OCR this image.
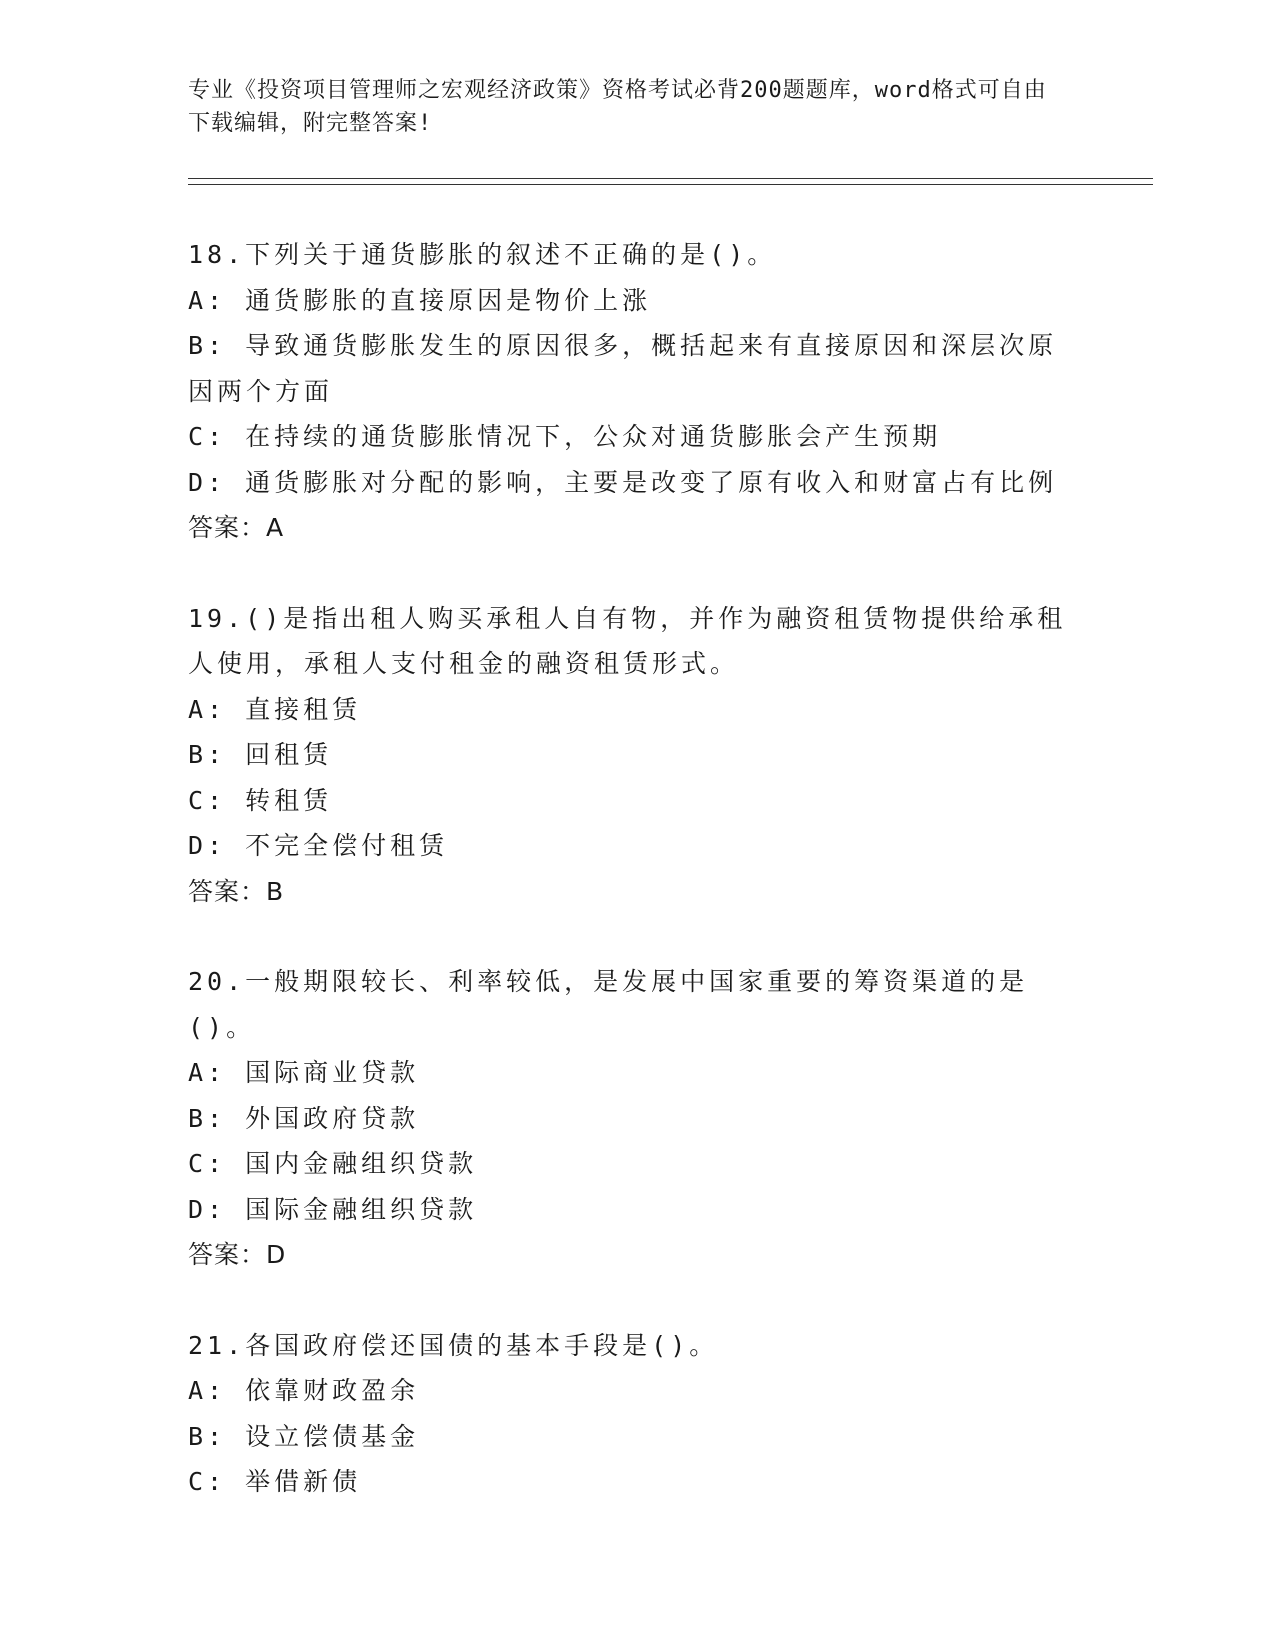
专业《投资项目管理师之宏观经济政策》资格考试必背200题题库，word格式可自由下载编辑，附完整答案!
18.下列关于通货膨胀的叙述不正确的是()。
A: 通货膨胀的直接原因是物价上涨
B: 导致通货膨胀发生的原因很多，概括起来有直接原因和深层次原因两个方面
C: 在持续的通货膨胀情况下，公众对通货膨胀会产生预期
D: 通货膨胀对分配的影响，主要是改变了原有收入和财富占有比例
答案：A
19.()是指出租人购买承租人自有物，并作为融资租赁物提供给承租人使用，承租人支付租金的融资租赁形式。
A: 直接租赁
B: 回租赁
C: 转租赁
D: 不完全偿付租赁
答案：B
20.一般期限较长、利率较低，是发展中国家重要的筹资渠道的是()。
A: 国际商业贷款
B: 外国政府贷款
C: 国内金融组织贷款
D: 国际金融组织贷款
答案：D
21.各国政府偿还国债的基本手段是()。
A: 依靠财政盈余
B: 设立偿债基金
C: 举借新债
